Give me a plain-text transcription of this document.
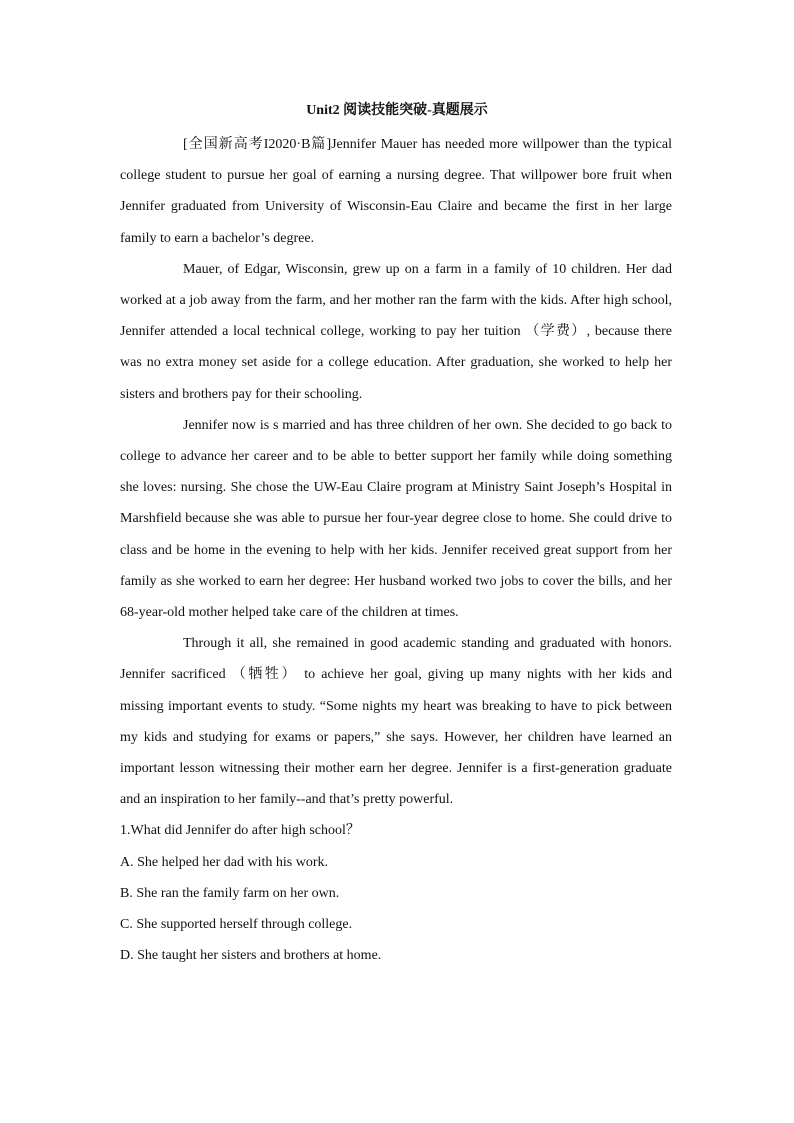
Unit2 阅读技能突破-真题展示

[全国新高考I2020·B篇]Jennifer Mauer has needed more willpower than the typical college student to pursue her goal of earning a nursing degree. That willpower bore fruit when Jennifer graduated from University of Wisconsin-Eau Claire and became the first in her large family to earn a bachelor’s degree.

Mauer, of Edgar, Wisconsin, grew up on a farm in a family of 10 children. Her dad worked at a job away from the farm, and her mother ran the farm with the kids. After high school, Jennifer attended a local technical college, working to pay her tuition （学费）, because there was no extra money set aside for a college education. After graduation, she worked to help her sisters and brothers pay for their schooling.

Jennifer now is s married and has three children of her own. She decided to go back to college to advance her career and to be able to better support her family while doing something she loves: nursing. She chose the UW-Eau Claire program at Ministry Saint Joseph’s Hospital in Marshfield because she was able to pursue her four-year degree close to home. She could drive to class and be home in the evening to help with her kids. Jennifer received great support from her family as she worked to earn her degree: Her husband worked two jobs to cover the bills, and her 68-year-old mother helped take care of the children at times.

Through it all, she remained in good academic standing and graduated with honors. Jennifer sacrificed （牺牲） to achieve her goal, giving up many nights with her kids and missing important events to study. “Some nights my heart was breaking to have to pick between my kids and studying for exams or papers,” she says. However, her children have learned an important lesson witnessing their mother earn her degree. Jennifer is a first-generation graduate and an inspiration to her family--and that’s pretty powerful.

1.What did Jennifer do after high school？

A. She helped her dad with his work.

B. She ran the family farm on her own.

C. She supported herself through college.

D. She taught her sisters and brothers at home.
